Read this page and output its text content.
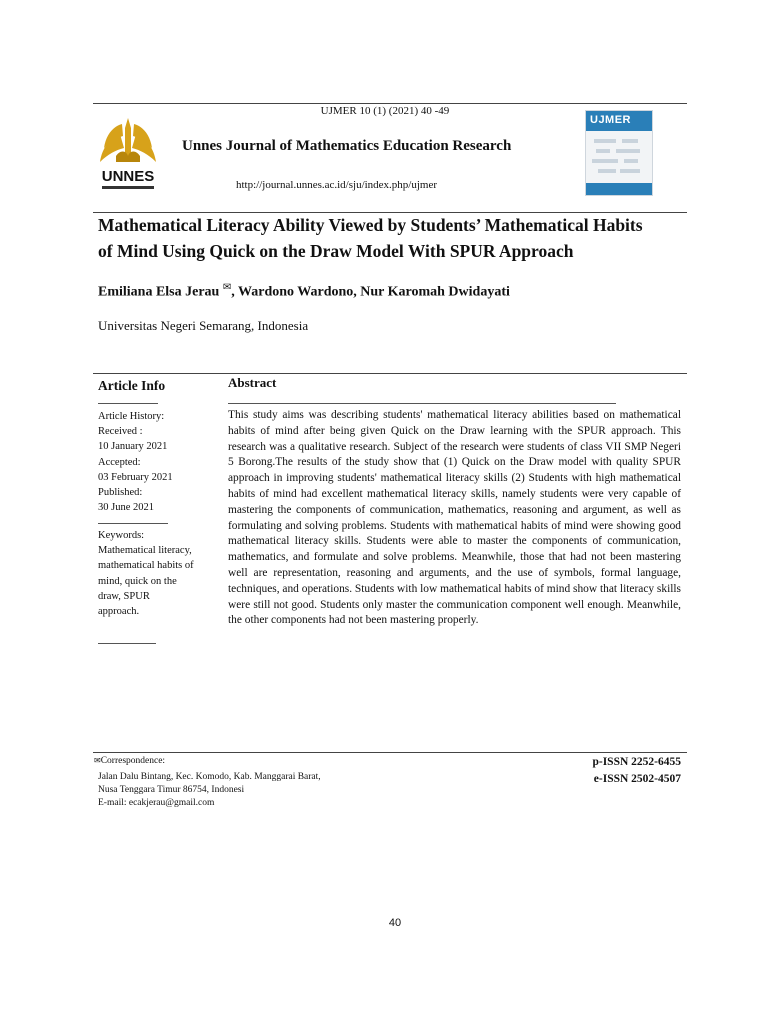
UJMER 10 (1) (2021) 40 -49
UNNES
Unnes Journal of Mathematics Education Research
http://journal.unnes.ac.id/sju/index.php/ujmer
UJMER
Mathematical Literacy Ability Viewed by Students’ Mathematical Habits
of Mind Using Quick on the Draw Model With SPUR Approach
Emiliana Elsa Jerau ✉, Wardono Wardono, Nur Karomah Dwidayati
Universitas Negeri Semarang, Indonesia
Article Info
Article History:
Received :
10 January 2021
Accepted:
03 February 2021
Published:
30 June 2021
Keywords:
Mathematical literacy,
mathematical habits of
mind, quick on the
draw, SPUR
approach.
Abstract
This study aims was describing students' mathematical literacy abilities based on mathematical habits of mind after being given Quick on the Draw learning with the SPUR approach. This research was a qualitative research. Subject of the research were students of class VII SMP Negeri 5 Borong.The results of the study show that (1) Quick on the Draw model with quality SPUR approach in improving students' mathematical literacy skills (2) Students with high mathematical habits of mind had excellent mathematical literacy skills, namely students were very capable of mastering the components of communication, mathematics, reasoning and argument, as well as formulating and solving problems. Students with mathematical habits of mind were showing good mathematical literacy skills. Students were able to master the components of communication, mathematics, and formulate and solve problems. Meanwhile, those that had not been mastering well are representation, reasoning and arguments, and the use of symbols, formal language, techniques, and operations. Students with low mathematical habits of mind show that literacy skills were still not good. Students only master the communication component well enough. Meanwhile, the other components had not been mastering properly.
✉Correspondence:
Jalan Dalu Bintang, Kec. Komodo, Kab. Manggarai Barat,
Nusa Tenggara Timur 86754, Indonesi
E-mail: ecakjerau@gmail.com
p-ISSN 2252-6455
e-ISSN 2502-4507
40
